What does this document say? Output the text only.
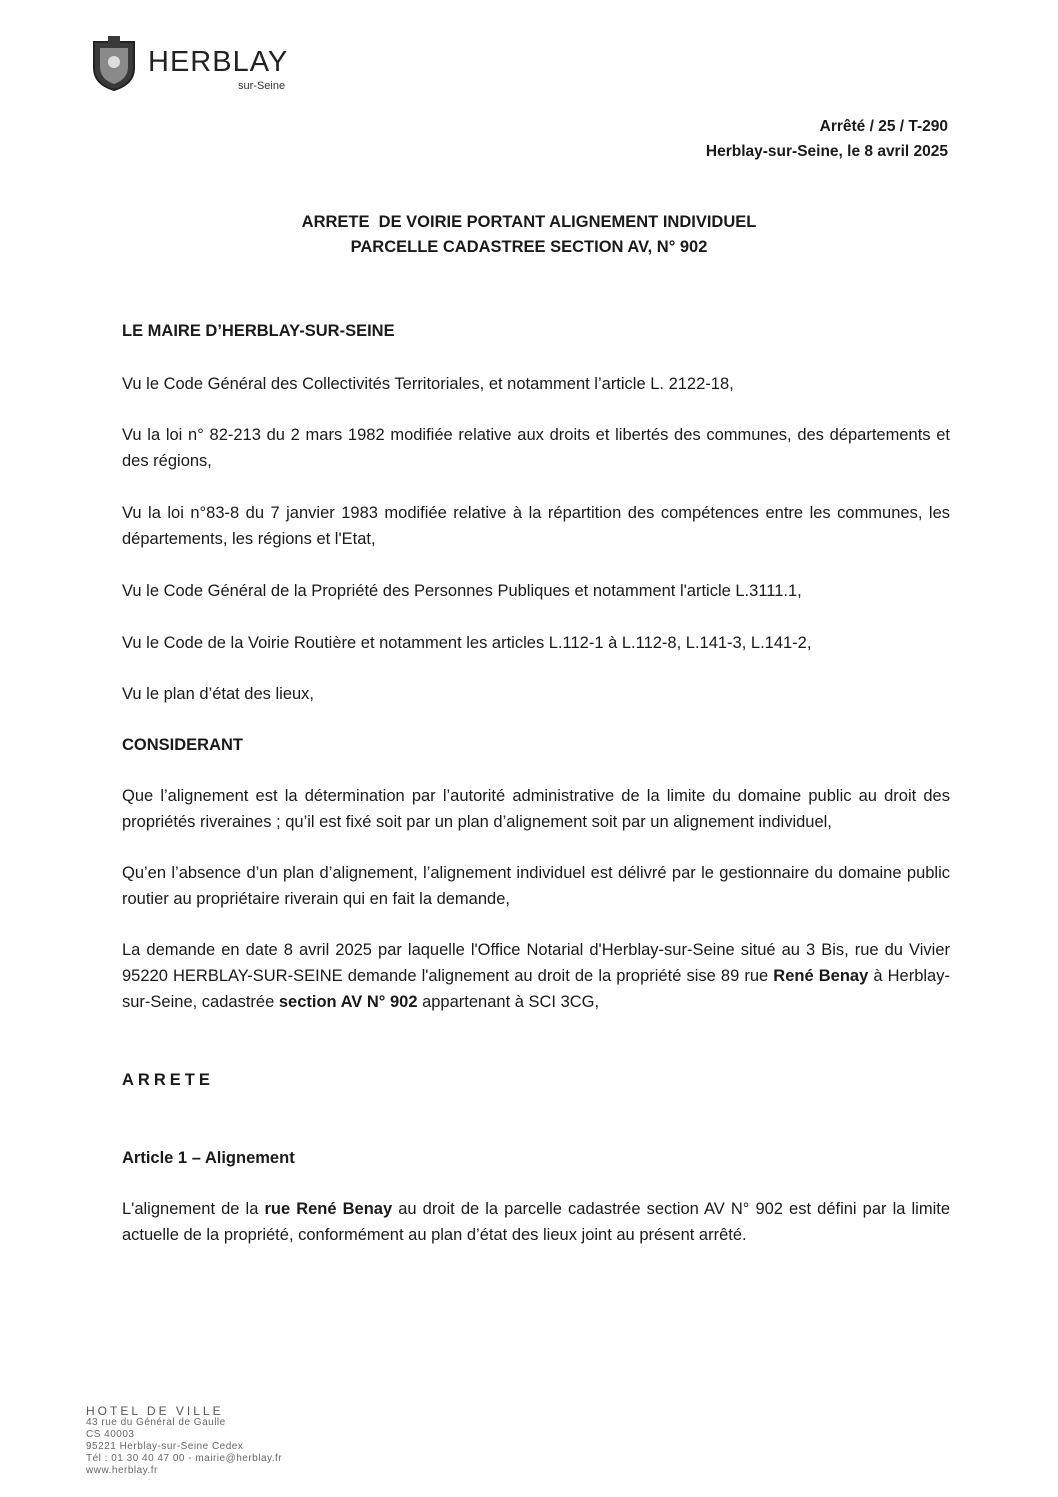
HERBLAY
sur-Seine
Arrêté / 25 / T-290
Herblay-sur-Seine, le 8 avril 2025
ARRETE  DE VOIRIE PORTANT ALIGNEMENT INDIVIDUEL
PARCELLE CADASTREE SECTION AV, N° 902

LE MAIRE D’HERBLAY-SUR-SEINE

Vu le Code Général des Collectivités Territoriales, et notamment l’article L. 2122-18,

Vu la loi n° 82-213 du 2 mars 1982 modifiée relative aux droits et libertés des communes, des départements et des régions,

Vu la loi n°83-8 du 7 janvier 1983 modifiée relative à la répartition des compétences entre les communes, les départements, les régions et l'Etat,

Vu le Code Général de la Propriété des Personnes Publiques et notamment l'article L.3111.1,

Vu le Code de la Voirie Routière et notamment les articles L.112-1 à L.112-8, L.141-3, L.141-2,

Vu le plan d’état des lieux,

CONSIDERANT

Que l’alignement est la détermination par l’autorité administrative de la limite du domaine public au droit des propriétés riveraines ; qu’il est fixé soit par un plan d’alignement soit par un alignement individuel,

Qu’en l’absence d’un plan d’alignement, l’alignement individuel est délivré par le gestionnaire du domaine public routier au propriétaire riverain qui en fait la demande,

La demande en date 8 avril 2025 par laquelle l'Office Notarial d'Herblay-sur-Seine situé au 3 Bis, rue du Vivier 95220 HERBLAY-SUR-SEINE demande l'alignement au droit de la propriété sise 89 rue René Benay à Herblay-sur-Seine, cadastrée section AV N° 902 appartenant à SCI 3CG,

ARRETE

Article 1 – Alignement

L'alignement de la rue René Benay au droit de la parcelle cadastrée section AV N° 902 est défini par la limite actuelle de la propriété, conformément au plan d’état des lieux joint au présent arrêté.

HOTEL DE VILLE
43 rue du Général de Gaulle
CS 40003
95221 Herblay-sur-Seine Cedex
Tél : 01 30 40 47 00 - mairie@herblay.fr
www.herblay.fr
